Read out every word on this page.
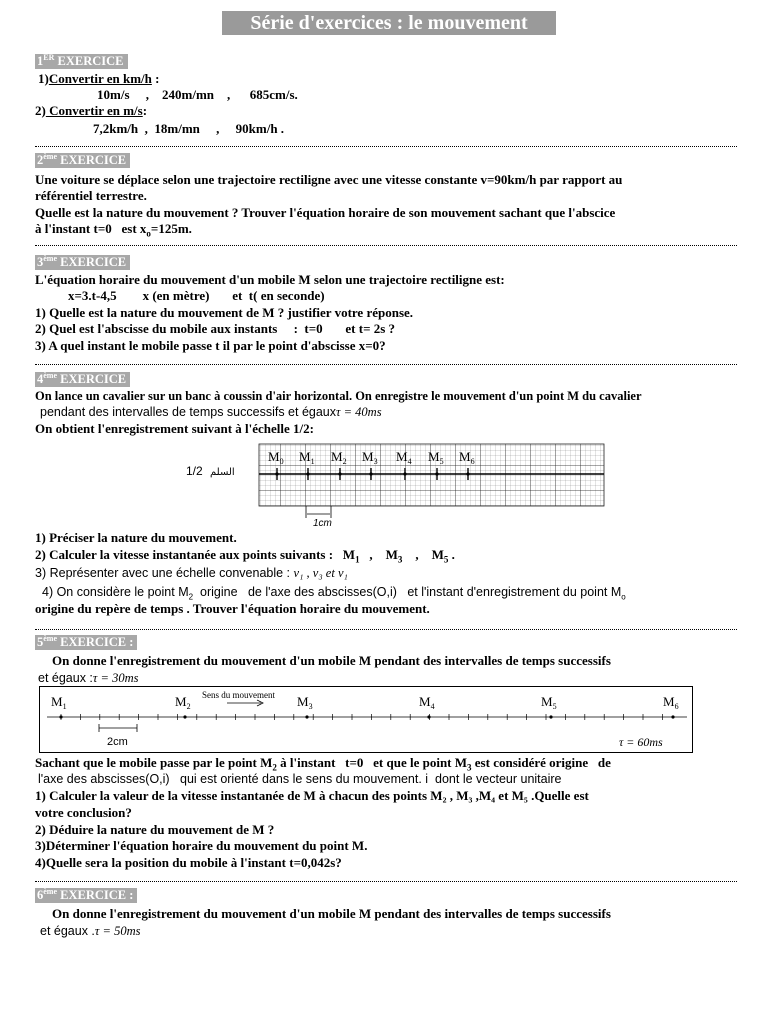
Série d'exercices : le mouvement
1ER EXERCICE
1)Convertir en km/h :
10m/s     ,    240m/mn    ,      685cm/s.
2) Convertir en m/s:
7,2km/h  ,  18m/mn     ,     90km/h .
2ème EXERCICE
Une voiture se déplace selon une trajectoire rectiligne avec une vitesse constante v=90km/h par rapport au
référentiel terrestre.
Quelle est la nature du mouvement ? Trouver l'équation horaire de son mouvement sachant que l'abscice
à l'instant t=0   est $x_o=125m$.
3ème EXERCICE
L'équation horaire du mouvement d'un mobile M selon une trajectoire rectiligne est:
x=3.t-4,5        x (en mètre)       et  t( en seconde)
1) Quelle est la nature du mouvement de M ? justifier votre réponse.
2) Quel est l'abscisse du mobile aux instants     :  t=0       et t= 2s ?
3) A quel instant le mobile passe t il par le point d'abscisse x=0?
4ème EXERCICE
On lance un cavalier sur un banc à coussin d'air horizontal. On enregistre le mouvement d'un point M du cavalier
pendant des intervalles de temps successifs et égauxτ = 40ms
On obtient l'enregistrement suivant à l'échelle 1/2:
1/2 السلم
$M_0$ $M_1$ $M_2$ $M_3$ $M_4$ $M_5$ $M_6$
1cm
1) Préciser la nature du mouvement.
2) Calculer la vitesse instantanée aux points suivants :   $M_1$   ,    $M_3$    ,    $M_5$ .
3) Représenter avec une échelle convenable : v₁ , v₃ et v₁
4) On considère le point $M_2$  origine   de l'axe des abscisses(O,i)   et l'instant d'enregistrement du point $M_o$
origine du repère de temps . Trouver l'équation horaire du mouvement.
5ème EXERCICE :
On donne l'enregistrement du mouvement d'un mobile M pendant des intervalles de temps successifs
et égaux :τ = 30ms
$M_1$	$M_2$	$M_3$	$M_4$	$M_5$	$M_6$
Sens du mouvement
2cm	τ = 60ms
Sachant que le mobile passe par le point $M_2$ à l'instant   t=0   et que le point $M_3$ est considéré origine   de
l'axe des abscisses(O,i)   qui est orienté dans le sens du mouvement. i  dont le vecteur unitaire
1) Calculer la valeur de la vitesse instantanée de M à chacun des points M₂ , M₃ ,M₄ et M₅ .Quelle est
votre conclusion?
2) Déduire la nature du mouvement de M ?
3)Déterminer l'équation horaire du mouvement du point M.
4)Quelle sera la position du mobile à l'instant t=0,042s?
6ème EXERCICE :
On donne l'enregistrement du mouvement d'un mobile M pendant des intervalles de temps successifs
et égaux .τ = 50ms
